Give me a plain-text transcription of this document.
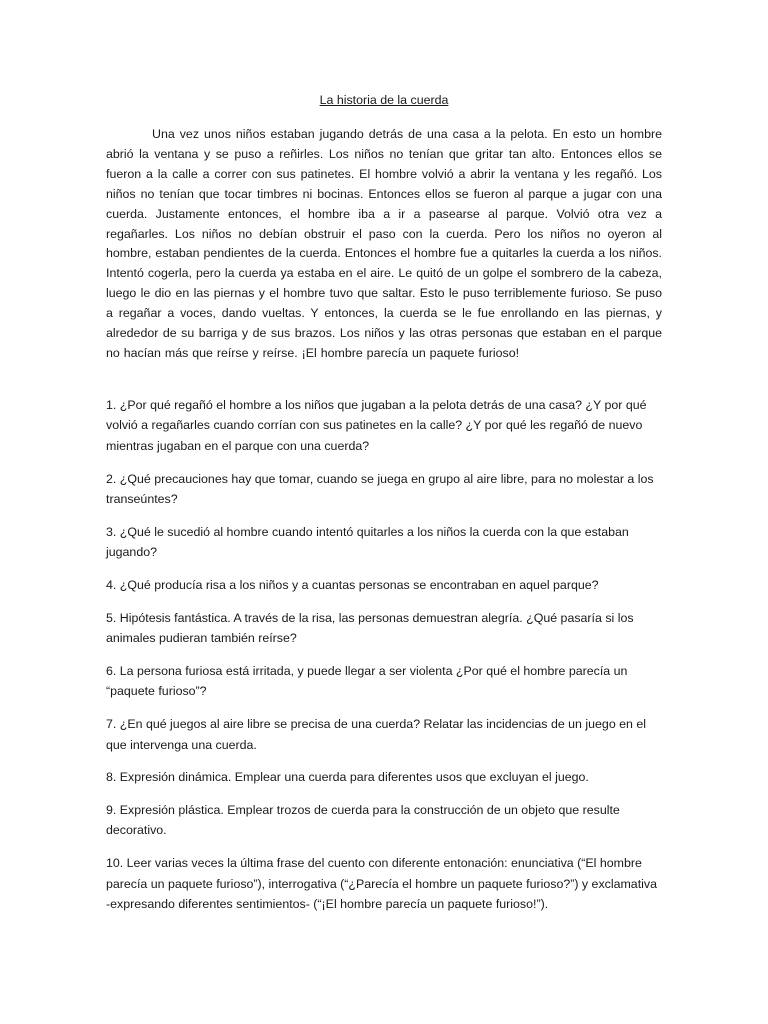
La historia de la cuerda

Una vez unos niños estaban jugando detrás de una casa a la pelota. En esto un hombre abrió la ventana y se puso a reñirles. Los niños no tenían que gritar tan alto. Entonces ellos se fueron a la calle a correr con sus patinetes. El hombre volvió a abrir la ventana y les regañó. Los niños no tenían que tocar timbres ni bocinas. Entonces ellos se fueron al parque a jugar con una cuerda. Justamente entonces, el hombre iba a ir a pasearse al parque. Volvió otra vez a regañarles. Los niños no debían obstruir el paso con la cuerda. Pero los niños no oyeron al hombre, estaban pendientes de la cuerda. Entonces el hombre fue a quitarles la cuerda a los niños. Intentó cogerla, pero la cuerda ya estaba en el aire. Le quitó de un golpe el sombrero de la cabeza, luego le dio en las piernas y el hombre tuvo que saltar. Esto le puso terriblemente furioso. Se puso a regañar a voces, dando vueltas. Y entonces, la cuerda se le fue enrollando en las piernas, y alrededor de su barriga y de sus brazos. Los niños y las otras personas que estaban en el parque no hacían más que reírse y reírse. ¡El hombre parecía un paquete furioso!

1. ¿Por qué regañó el hombre a los niños que jugaban a la pelota detrás de una casa? ¿Y por qué volvió a regañarles cuando corrían con sus patinetes en la calle? ¿Y por qué les regañó de nuevo mientras jugaban en el parque con una cuerda?

2. ¿Qué precauciones hay que tomar, cuando se juega en grupo al aire libre, para no molestar a los transeúntes?

3. ¿Qué le sucedió al hombre cuando intentó quitarles a los niños la cuerda con la que estaban jugando?

4. ¿Qué producía risa a los niños y a cuantas personas se encontraban en aquel parque?

5. Hipótesis fantástica. A través de la risa, las personas demuestran alegría. ¿Qué pasaría si los animales pudieran también reírse?

6. La persona furiosa está irritada, y puede llegar a ser violenta ¿Por qué el hombre parecía un “paquete furioso”?

7. ¿En qué juegos al aire libre se precisa de una cuerda? Relatar las incidencias de un juego en el que intervenga una cuerda.

8. Expresión dinámica. Emplear una cuerda para diferentes usos que excluyan el juego.

9. Expresión plástica. Emplear trozos de cuerda para la construcción de un objeto que resulte decorativo.

10. Leer varias veces la última frase del cuento con diferente entonación: enunciativa (“El hombre parecía un paquete furioso”), interrogativa (“¿Parecía el hombre un paquete furioso?”) y exclamativa -expresando diferentes sentimientos- (“¡El hombre parecía un paquete furioso!”).
